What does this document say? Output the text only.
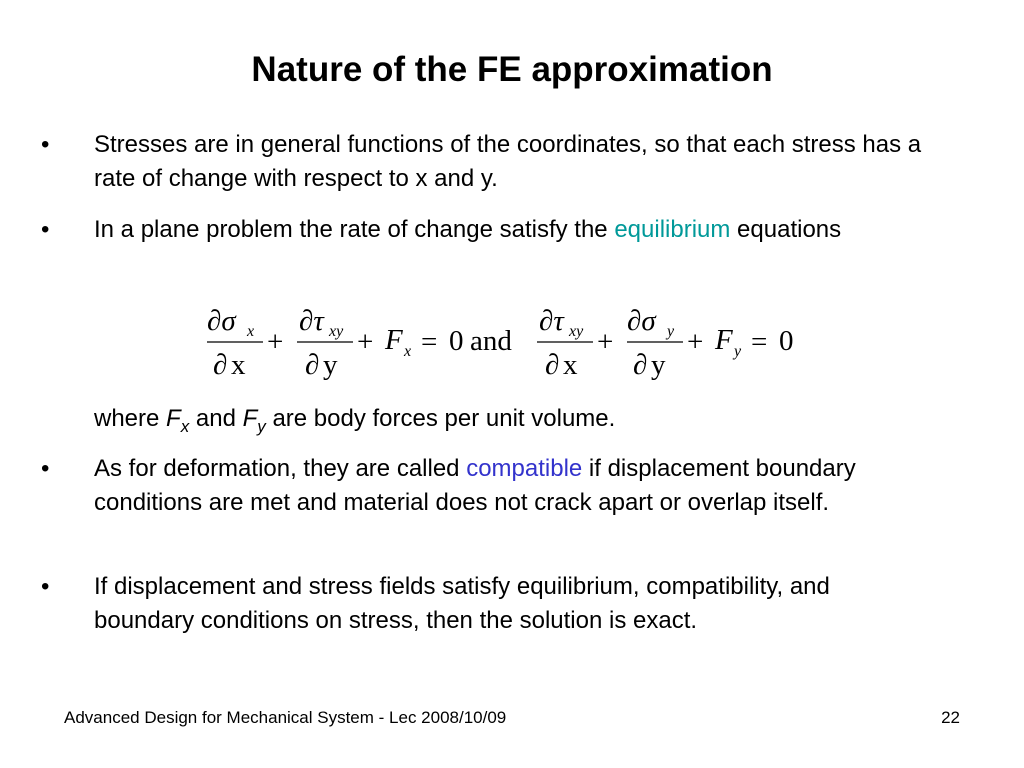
Nature of the FE approximation
• Stresses are in general functions of the coordinates, so that each stress has a rate of change with respect to x and y.
• In a plane problem the rate of change satisfy the equilibrium equations
∂σ x
∂ x
+
∂τ xy
∂ y
+ F x = 0 and
∂τ xy
∂ x
+
∂σ y
∂ y
+ F y = 0
where $F_x$ and $F_y$ are body forces per unit volume.
• As for deformation, they are called compatible if displacement boundary conditions are met and material does not crack apart or overlap itself.
• If displacement and stress fields satisfy equilibrium, compatibility, and boundary conditions on stress, then the solution is exact.
Advanced Design for Mechanical System - Lec 2008/10/09	22
